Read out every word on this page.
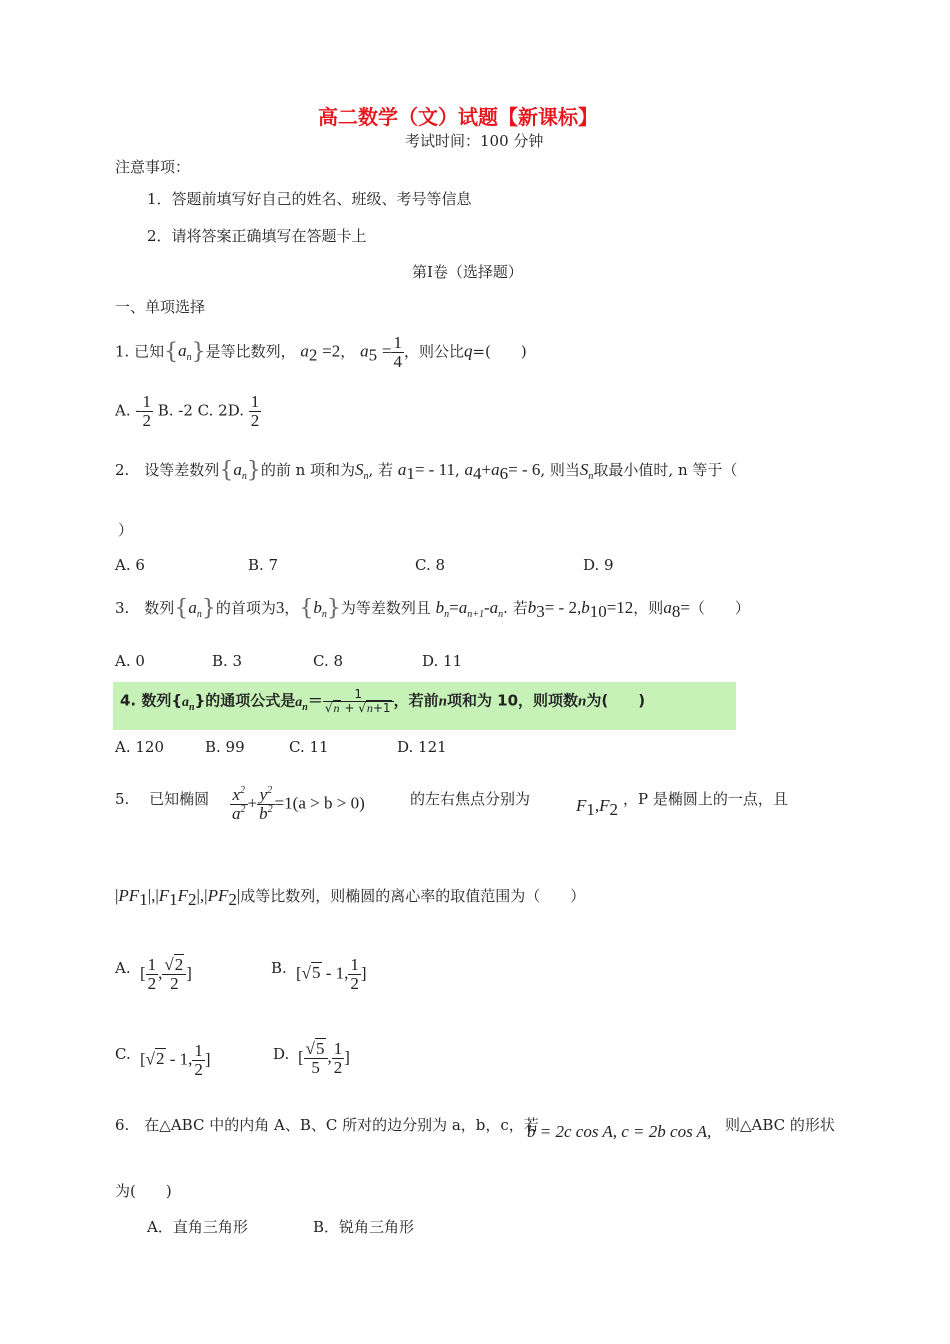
高二数学（文）试题【新课标】
考试时间：100 分钟
注意事项：
1．答题前填写好自己的姓名、班级、考号等信息
2．请将答案正确填写在答题卡上
第I卷（选择题）
一、单项选择
1. 已知$\{a_n\}$是等比数列， $a_2 =2$， $a_5 = \frac{1}{4}$ ，则公比q=(　　)
A. - $\frac{1}{2} B$. -2 C. 2D. $\frac{1}{2}$
2.　设等差数列$\{a_n\}$的前 n 项和为$S_n$, 若 $a_1= - 11$, $a_4+a_6= - 6$, 则当$S_n$取最小值时, n 等于（
）
A. 6	B. 7	C. 8	D. 9
3.　数列$\{a_n\}$的首项为3，$\{b_n\}$为等差数列且 $b_n=a_{n+1}-a_n$. 若$b_3= - 2,b_{10}=12$，则$a_8=$（　　）
A. 0	B. 3	C. 8	D. 11
4. 数列$\{a_n\}$的通项公式是$a_n= \frac{1}{√n + √n+1}$ ，若前n项和为 10，则项数n为(　　)
A. 120	B. 99	C. 11	D. 121
5.　 已知椭圆 $\frac{x^2}{a^2} + \frac{y^2}{b^2} =1(a > b > 0)$	的左右焦点分别为	$F_1,F_2$
，P 是椭圆上的一点，且
$|PF_1|,|F_1F_2|,|PF_2|$成等比数列，则椭圆的离心率的取值范围为（　　）
A. [ $\frac{1}{2}$ , $\frac{√2}{2}$ ]	B. [√5 - 1, $\frac{1}{2}$ ]
C. [√2 - 1, $\frac{1}{2}$ ]	D. [ $\frac{√5}{5}$ , $\frac{1}{2}$ ]
6.　在△ABC 中的内角 A、B、C 所对的边分别为 a，b，c，若
b = 2c cos A, c = 2b cos A, 则△ABC 的形状
为(　　)
A．直角三角形	B．锐角三角形
